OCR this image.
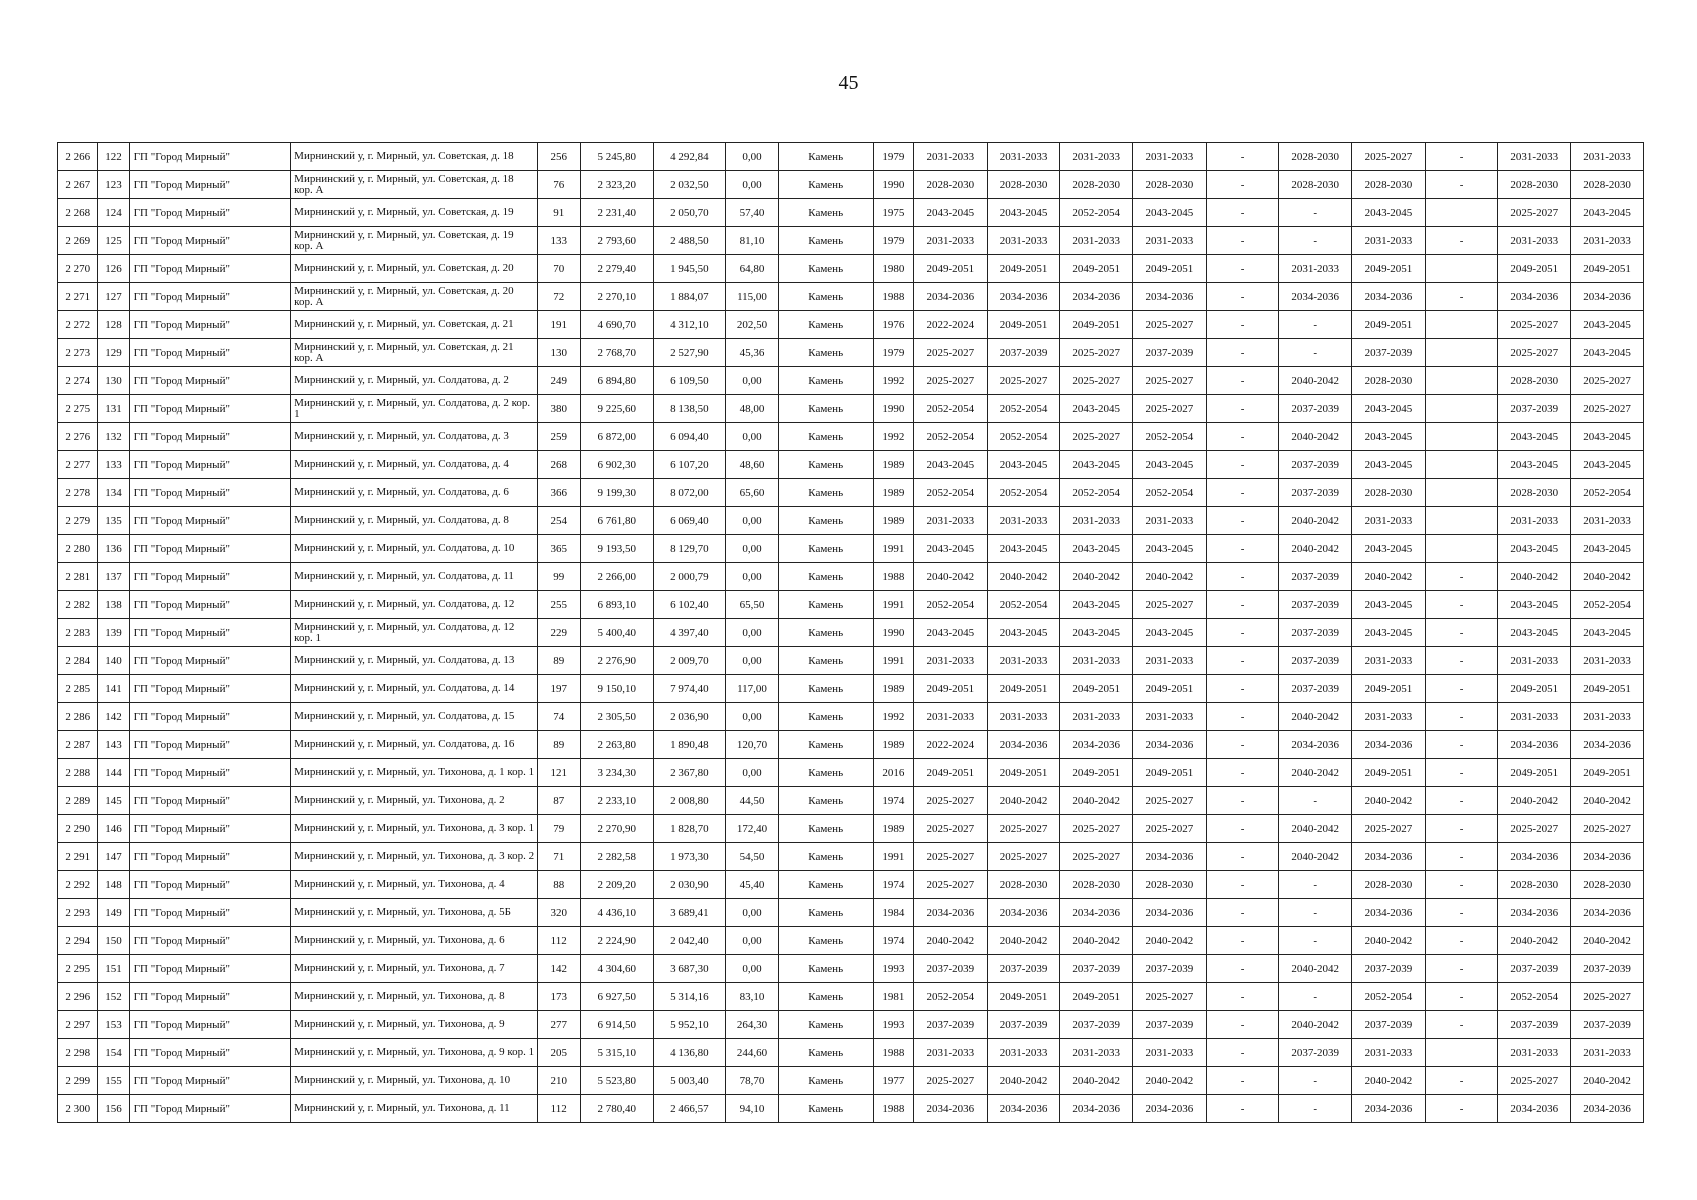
45
2 266	122	ГП "Город Мирный"	Мирнинский у, г. Мирный, ул. Советская, д. 18	256	5 245,80	4 292,84	0,00	Камень	1979	2031-2033	2031-2033	2031-2033	2031-2033	-	2028-2030	2025-2027	-	2031-2033	2031-2033
2 267	123	ГП "Город Мирный"	Мирнинский у, г. Мирный, ул. Советская, д. 18 кор. А	76	2 323,20	2 032,50	0,00	Камень	1990	2028-2030	2028-2030	2028-2030	2028-2030	-	2028-2030	2028-2030	-	2028-2030	2028-2030
2 268	124	ГП "Город Мирный"	Мирнинский у, г. Мирный, ул. Советская, д. 19	91	2 231,40	2 050,70	57,40	Камень	1975	2043-2045	2043-2045	2052-2054	2043-2045	-	-	2043-2045		2025-2027	2043-2045
2 269	125	ГП "Город Мирный"	Мирнинский у, г. Мирный, ул. Советская, д. 19 кор. А	133	2 793,60	2 488,50	81,10	Камень	1979	2031-2033	2031-2033	2031-2033	2031-2033	-	-	2031-2033	-	2031-2033	2031-2033
2 270	126	ГП "Город Мирный"	Мирнинский у, г. Мирный, ул. Советская, д. 20	70	2 279,40	1 945,50	64,80	Камень	1980	2049-2051	2049-2051	2049-2051	2049-2051	-	2031-2033	2049-2051		2049-2051	2049-2051
2 271	127	ГП "Город Мирный"	Мирнинский у, г. Мирный, ул. Советская, д. 20 кор. А	72	2 270,10	1 884,07	115,00	Камень	1988	2034-2036	2034-2036	2034-2036	2034-2036	-	2034-2036	2034-2036	-	2034-2036	2034-2036
2 272	128	ГП "Город Мирный"	Мирнинский у, г. Мирный, ул. Советская, д. 21	191	4 690,70	4 312,10	202,50	Камень	1976	2022-2024	2049-2051	2049-2051	2025-2027	-	-	2049-2051		2025-2027	2043-2045
2 273	129	ГП "Город Мирный"	Мирнинский у, г. Мирный, ул. Советская, д. 21 кор. А	130	2 768,70	2 527,90	45,36	Камень	1979	2025-2027	2037-2039	2025-2027	2037-2039	-	-	2037-2039		2025-2027	2043-2045
2 274	130	ГП "Город Мирный"	Мирнинский у, г. Мирный, ул. Солдатова, д. 2	249	6 894,80	6 109,50	0,00	Камень	1992	2025-2027	2025-2027	2025-2027	2025-2027	-	2040-2042	2028-2030		2028-2030	2025-2027
2 275	131	ГП "Город Мирный"	Мирнинский у, г. Мирный, ул. Солдатова, д. 2 кор. 1	380	9 225,60	8 138,50	48,00	Камень	1990	2052-2054	2052-2054	2043-2045	2025-2027	-	2037-2039	2043-2045		2037-2039	2025-2027
2 276	132	ГП "Город Мирный"	Мирнинский у, г. Мирный, ул. Солдатова, д. 3	259	6 872,00	6 094,40	0,00	Камень	1992	2052-2054	2052-2054	2025-2027	2052-2054	-	2040-2042	2043-2045		2043-2045	2043-2045
2 277	133	ГП "Город Мирный"	Мирнинский у, г. Мирный, ул. Солдатова, д. 4	268	6 902,30	6 107,20	48,60	Камень	1989	2043-2045	2043-2045	2043-2045	2043-2045	-	2037-2039	2043-2045		2043-2045	2043-2045
2 278	134	ГП "Город Мирный"	Мирнинский у, г. Мирный, ул. Солдатова, д. 6	366	9 199,30	8 072,00	65,60	Камень	1989	2052-2054	2052-2054	2052-2054	2052-2054	-	2037-2039	2028-2030		2028-2030	2052-2054
2 279	135	ГП "Город Мирный"	Мирнинский у, г. Мирный, ул. Солдатова, д. 8	254	6 761,80	6 069,40	0,00	Камень	1989	2031-2033	2031-2033	2031-2033	2031-2033	-	2040-2042	2031-2033		2031-2033	2031-2033
2 280	136	ГП "Город Мирный"	Мирнинский у, г. Мирный, ул. Солдатова, д. 10	365	9 193,50	8 129,70	0,00	Камень	1991	2043-2045	2043-2045	2043-2045	2043-2045	-	2040-2042	2043-2045		2043-2045	2043-2045
2 281	137	ГП "Город Мирный"	Мирнинский у, г. Мирный, ул. Солдатова, д. 11	99	2 266,00	2 000,79	0,00	Камень	1988	2040-2042	2040-2042	2040-2042	2040-2042	-	2037-2039	2040-2042	-	2040-2042	2040-2042
2 282	138	ГП "Город Мирный"	Мирнинский у, г. Мирный, ул. Солдатова, д. 12	255	6 893,10	6 102,40	65,50	Камень	1991	2052-2054	2052-2054	2043-2045	2025-2027	-	2037-2039	2043-2045	-	2043-2045	2052-2054
2 283	139	ГП "Город Мирный"	Мирнинский у, г. Мирный, ул. Солдатова, д. 12 кор. 1	229	5 400,40	4 397,40	0,00	Камень	1990	2043-2045	2043-2045	2043-2045	2043-2045	-	2037-2039	2043-2045	-	2043-2045	2043-2045
2 284	140	ГП "Город Мирный"	Мирнинский у, г. Мирный, ул. Солдатова, д. 13	89	2 276,90	2 009,70	0,00	Камень	1991	2031-2033	2031-2033	2031-2033	2031-2033	-	2037-2039	2031-2033	-	2031-2033	2031-2033
2 285	141	ГП "Город Мирный"	Мирнинский у, г. Мирный, ул. Солдатова, д. 14	197	9 150,10	7 974,40	117,00	Камень	1989	2049-2051	2049-2051	2049-2051	2049-2051	-	2037-2039	2049-2051	-	2049-2051	2049-2051
2 286	142	ГП "Город Мирный"	Мирнинский у, г. Мирный, ул. Солдатова, д. 15	74	2 305,50	2 036,90	0,00	Камень	1992	2031-2033	2031-2033	2031-2033	2031-2033	-	2040-2042	2031-2033	-	2031-2033	2031-2033
2 287	143	ГП "Город Мирный"	Мирнинский у, г. Мирный, ул. Солдатова, д. 16	89	2 263,80	1 890,48	120,70	Камень	1989	2022-2024	2034-2036	2034-2036	2034-2036	-	2034-2036	2034-2036	-	2034-2036	2034-2036
2 288	144	ГП "Город Мирный"	Мирнинский у, г. Мирный, ул. Тихонова, д. 1 кор. 1	121	3 234,30	2 367,80	0,00	Камень	2016	2049-2051	2049-2051	2049-2051	2049-2051	-	2040-2042	2049-2051	-	2049-2051	2049-2051
2 289	145	ГП "Город Мирный"	Мирнинский у, г. Мирный, ул. Тихонова, д. 2	87	2 233,10	2 008,80	44,50	Камень	1974	2025-2027	2040-2042	2040-2042	2025-2027	-	-	2040-2042	-	2040-2042	2040-2042
2 290	146	ГП "Город Мирный"	Мирнинский у, г. Мирный, ул. Тихонова, д. 3 кор. 1	79	2 270,90	1 828,70	172,40	Камень	1989	2025-2027	2025-2027	2025-2027	2025-2027	-	2040-2042	2025-2027	-	2025-2027	2025-2027
2 291	147	ГП "Город Мирный"	Мирнинский у, г. Мирный, ул. Тихонова, д. 3 кор. 2	71	2 282,58	1 973,30	54,50	Камень	1991	2025-2027	2025-2027	2025-2027	2034-2036	-	2040-2042	2034-2036	-	2034-2036	2034-2036
2 292	148	ГП "Город Мирный"	Мирнинский у, г. Мирный, ул. Тихонова, д. 4	88	2 209,20	2 030,90	45,40	Камень	1974	2025-2027	2028-2030	2028-2030	2028-2030	-	-	2028-2030	-	2028-2030	2028-2030
2 293	149	ГП "Город Мирный"	Мирнинский у, г. Мирный, ул. Тихонова, д. 5Б	320	4 436,10	3 689,41	0,00	Камень	1984	2034-2036	2034-2036	2034-2036	2034-2036	-	-	2034-2036	-	2034-2036	2034-2036
2 294	150	ГП "Город Мирный"	Мирнинский у, г. Мирный, ул. Тихонова, д. 6	112	2 224,90	2 042,40	0,00	Камень	1974	2040-2042	2040-2042	2040-2042	2040-2042	-	-	2040-2042	-	2040-2042	2040-2042
2 295	151	ГП "Город Мирный"	Мирнинский у, г. Мирный, ул. Тихонова, д. 7	142	4 304,60	3 687,30	0,00	Камень	1993	2037-2039	2037-2039	2037-2039	2037-2039	-	2040-2042	2037-2039	-	2037-2039	2037-2039
2 296	152	ГП "Город Мирный"	Мирнинский у, г. Мирный, ул. Тихонова, д. 8	173	6 927,50	5 314,16	83,10	Камень	1981	2052-2054	2049-2051	2049-2051	2025-2027	-	-	2052-2054	-	2052-2054	2025-2027
2 297	153	ГП "Город Мирный"	Мирнинский у, г. Мирный, ул. Тихонова, д. 9	277	6 914,50	5 952,10	264,30	Камень	1993	2037-2039	2037-2039	2037-2039	2037-2039	-	2040-2042	2037-2039	-	2037-2039	2037-2039
2 298	154	ГП "Город Мирный"	Мирнинский у, г. Мирный, ул. Тихонова, д. 9 кор. 1	205	5 315,10	4 136,80	244,60	Камень	1988	2031-2033	2031-2033	2031-2033	2031-2033	-	2037-2039	2031-2033		2031-2033	2031-2033
2 299	155	ГП "Город Мирный"	Мирнинский у, г. Мирный, ул. Тихонова, д. 10	210	5 523,80	5 003,40	78,70	Камень	1977	2025-2027	2040-2042	2040-2042	2040-2042	-	-	2040-2042	-	2025-2027	2040-2042
2 300	156	ГП "Город Мирный"	Мирнинский у, г. Мирный, ул. Тихонова, д. 11	112	2 780,40	2 466,57	94,10	Камень	1988	2034-2036	2034-2036	2034-2036	2034-2036	-	-	2034-2036	-	2034-2036	2034-2036
